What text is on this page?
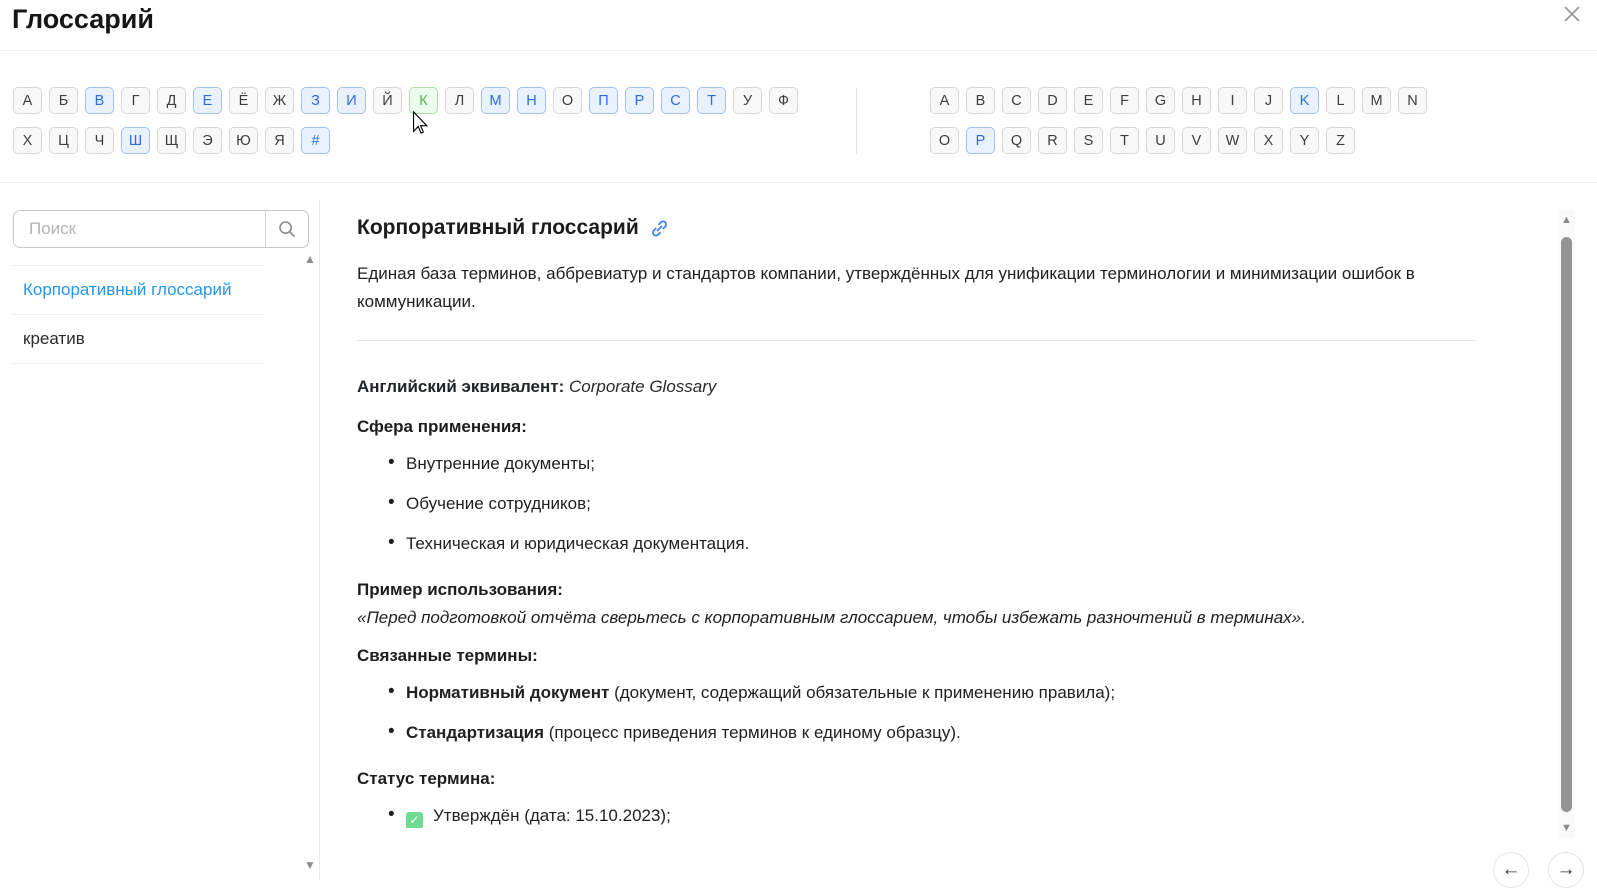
Глоссарий
А	Б	В	Г	Д	Е	Ё	Ж	З	И	Й	К	Л	М	Н	О	П	Р	С	Т	У	Ф
Х	Ц	Ч	Ш	Щ	Э	Ю	Я	#
A	B	C	D	E	F	G	H	I	J	K	L	M	N
O	P	Q	R	S	T	U	V	W	X	Y	Z
Поиск
▲
Корпоративный глоссарий
креатив
▼
Корпоративный глоссарий

Единая база терминов, аббревиатур и стандартов компании, утверждённых для унификации терминологии и минимизации ошибок в коммуникации.

Английский эквивалент: Corporate Glossary

Сфера применения:

• Внутренние документы;
• Обучение сотрудников;
• Техническая и юридическая документация.

Пример использования:

«Перед подготовкой отчёта сверьтесь с корпоративным глоссарием, чтобы избежать разночтений в терминах».

Связанные термины:

• Нормативный документ (документ, содержащий обязательные к применению правила);
• Стандартизация (процесс приведения терминов к единому образцу).

Статус термина:

• ✓ Утверждён (дата: 15.10.2023);
▲
▼
← →
